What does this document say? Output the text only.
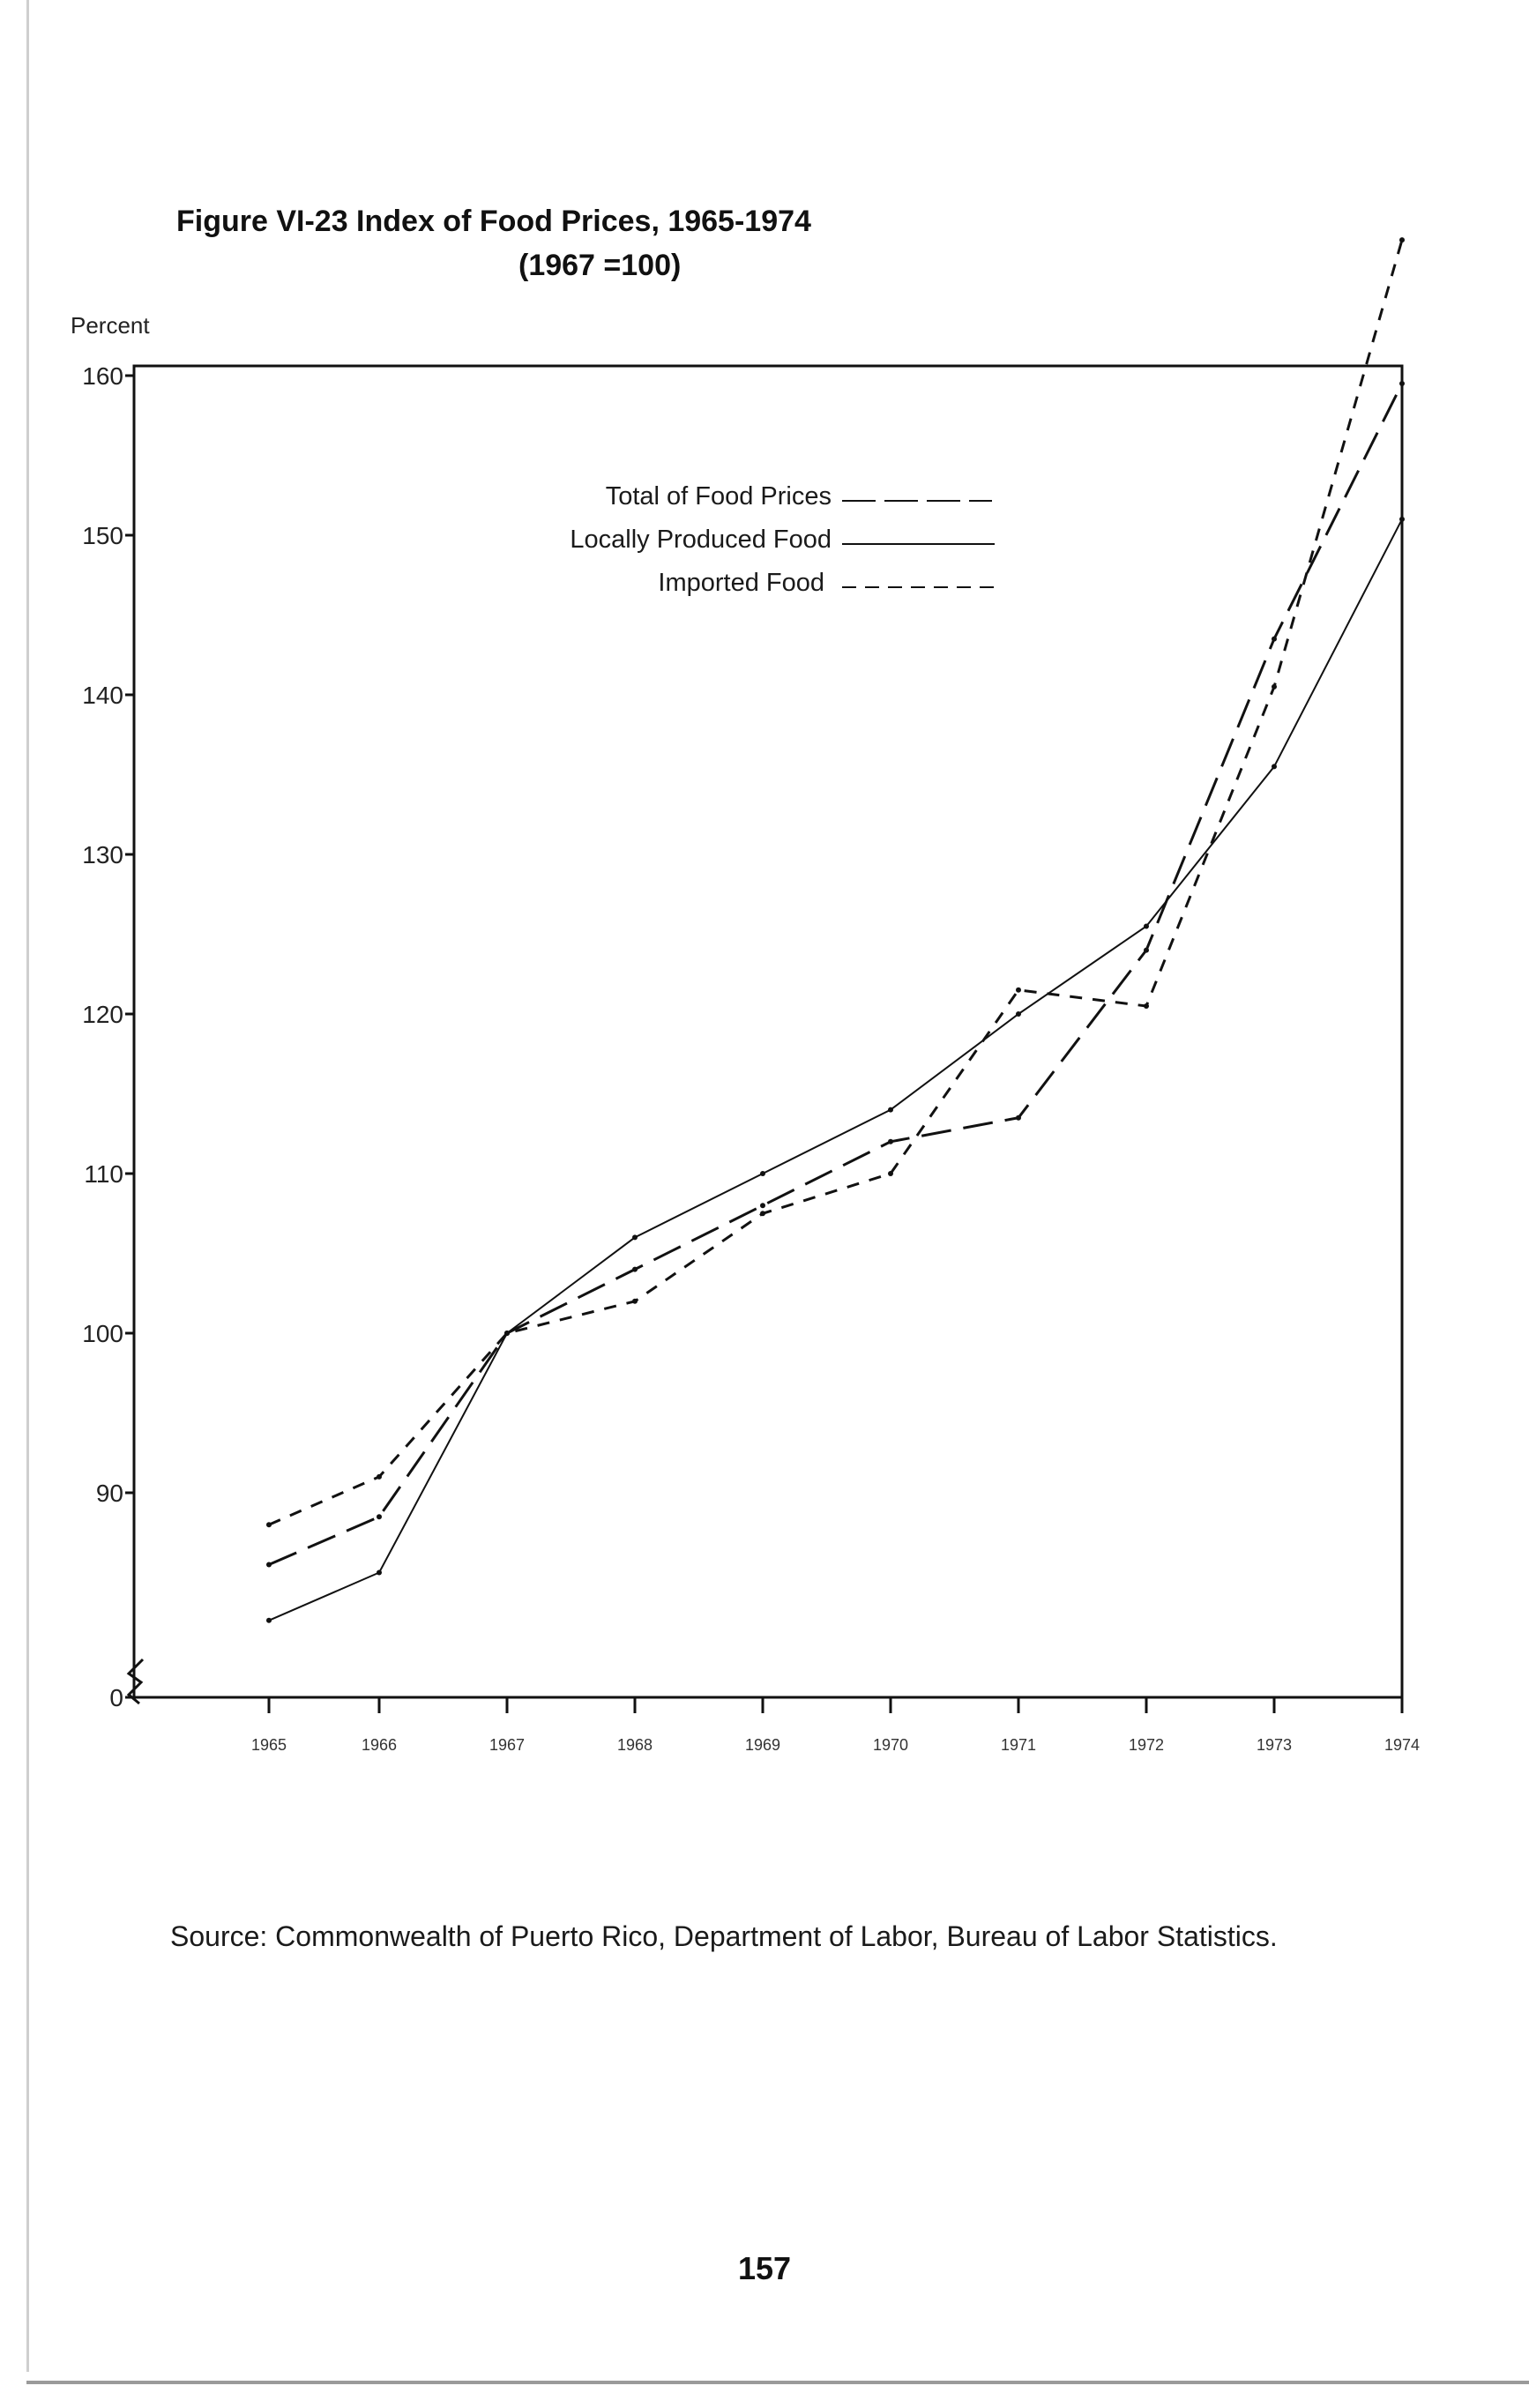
Figure VI-23 Index of Food Prices, 1965-1974
(1967 =100)
Percent
0
90
100
110
120
130
140
150
160
1965	1966	1967	1968	1969	1970	1971	1972	1973	1974
Total of Food Prices
Locally Produced Food
Imported Food
Source: Commonwealth of Puerto Rico, Department of Labor, Bureau of Labor Statistics.
157
